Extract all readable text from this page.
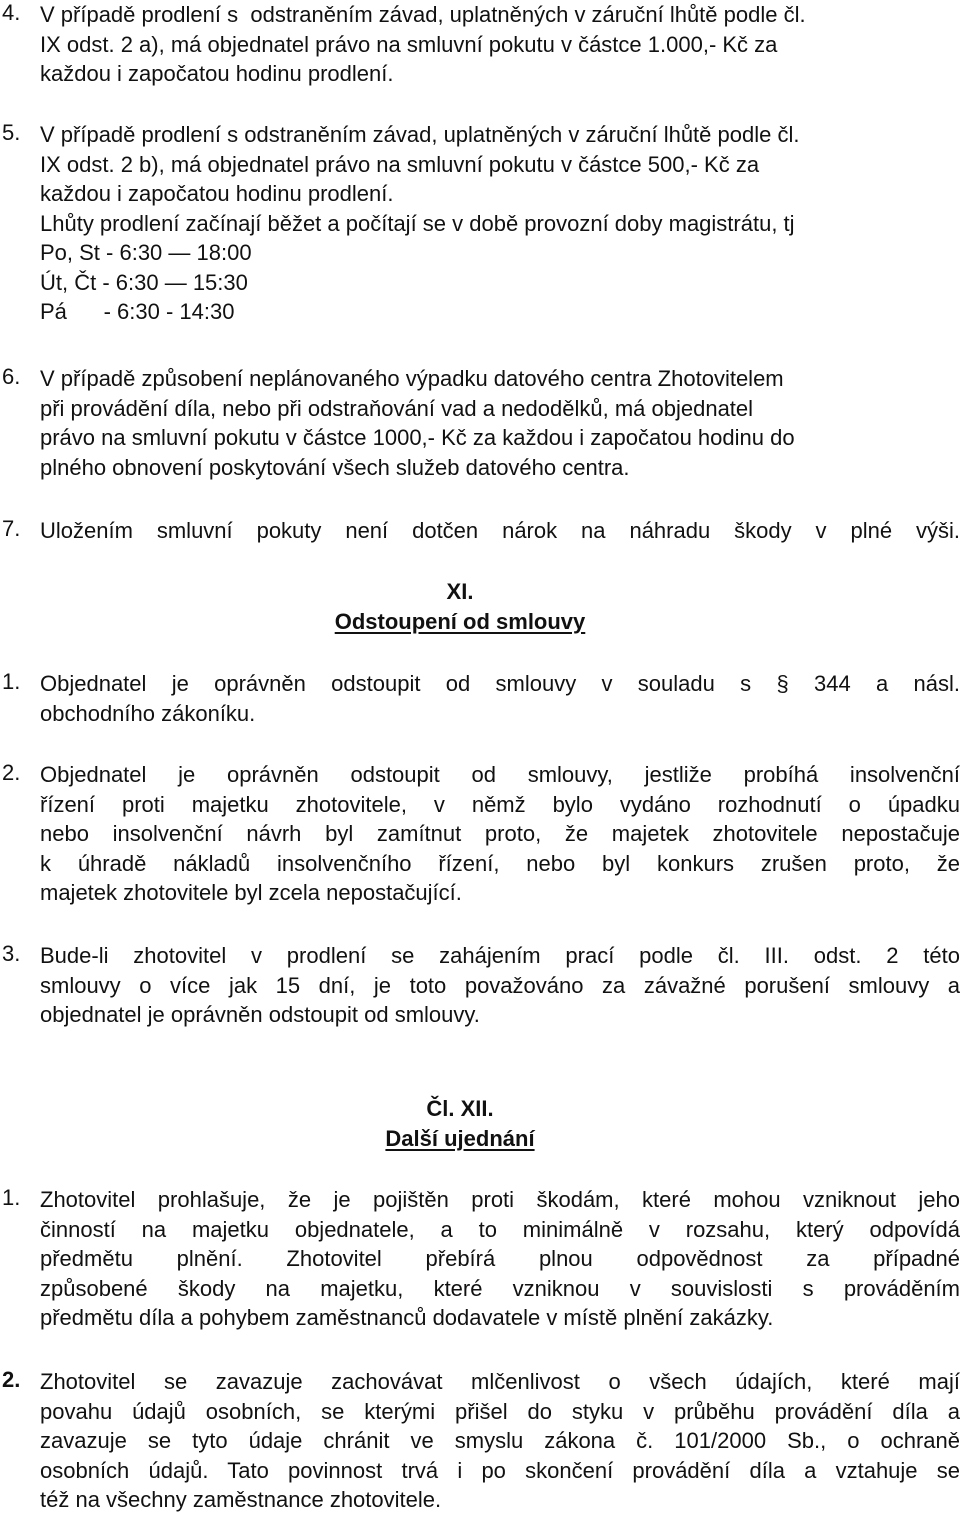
4. V případě prodlení s  odstraněním závad, uplatněných v záruční lhůtě podle čl.
IX odst. 2 a), má objednatel právo na smluvní pokutu v částce 1.000,- Kč za
každou i započatou hodinu prodlení.
5. V případě prodlení s odstraněním závad, uplatněných v záruční lhůtě podle čl.
IX odst. 2 b), má objednatel právo na smluvní pokutu v částce 500,- Kč za
každou i započatou hodinu prodlení.
Lhůty prodlení začínají běžet a počítají se v době provozní doby magistrátu, tj
Po, St - 6:30 — 18:00
Út, Čt - 6:30 — 15:30
Pá      - 6:30 - 14:30
6. V případě způsobení neplánovaného výpadku datového centra Zhotovitelem
při provádění díla, nebo při odstraňování vad a nedodělků, má objednatel
právo na smluvní pokutu v částce 1000,- Kč za každou i započatou hodinu do
plného obnovení poskytování všech služeb datového centra.
7. Uložením smluvní pokuty není dotčen nárok na náhradu škody v plné výši.
XI.
Odstoupení od smlouvy
1. Objednatel je oprávněn odstoupit od smlouvy v souladu s § 344 a násl.
obchodního zákoníku.
2. Objednatel je oprávněn odstoupit od smlouvy, jestliže probíhá insolvenční
řízení proti majetku zhotovitele, v němž bylo vydáno rozhodnutí o úpadku
nebo insolvenční návrh byl zamítnut proto, že majetek zhotovitele nepostačuje
k úhradě nákladů insolvenčního řízení, nebo byl konkurs zrušen proto, že
majetek zhotovitele byl zcela nepostačující.
3. Bude-li zhotovitel v prodlení se zahájením prací podle čl. III. odst. 2 této
smlouvy o více jak 15 dní, je toto považováno za závažné porušení smlouvy a
objednatel je oprávněn odstoupit od smlouvy.
Čl. XII.
Další ujednání
1. Zhotovitel prohlašuje, že je pojištěn proti škodám, které mohou vzniknout jeho
činností na majetku objednatele, a to minimálně v rozsahu, který odpovídá
předmětu plnění. Zhotovitel přebírá plnou odpovědnost za případné
způsobené škody na majetku, které vzniknou v souvislosti s prováděním
předmětu díla a pohybem zaměstnanců dodavatele v místě plnění zakázky.
2. Zhotovitel se zavazuje zachovávat mlčenlivost o všech údajích, které mají
povahu údajů osobních, se kterými přišel do styku v průběhu provádění díla a
zavazuje se tyto údaje chránit ve smyslu zákona č. 101/2000 Sb., o ochraně
osobních údajů. Tato povinnost trvá i po skončení provádění díla a vztahuje se
též na všechny zaměstnance zhotovitele.
